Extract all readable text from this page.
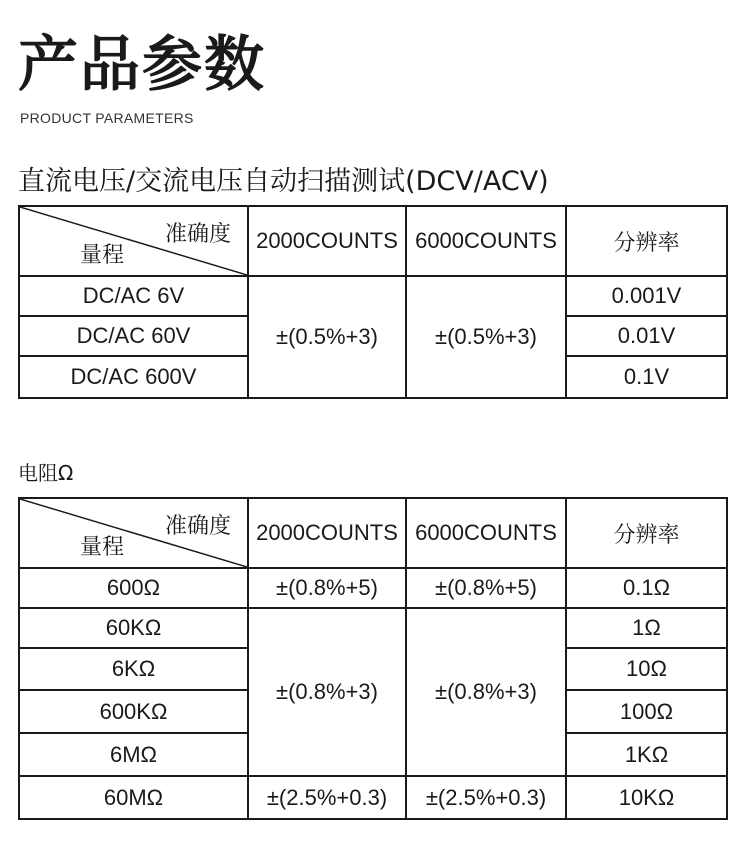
产品参数
PRODUCT PARAMETERS
直流电压/交流电压自动扫描测试(DCV/ACV)
准确度
量程	2000COUNTS	6000COUNTS	分辨率
DC/AC 6V	±(0.5%+3)	±(0.5%+3)	0.001V
DC/AC 60V			0.01V
DC/AC 600V			0.1V
电阻Ω
准确度
量程	2000COUNTS	6000COUNTS	分辨率
600Ω	±(0.8%+5)	±(0.8%+5)	0.1Ω
60KΩ	±(0.8%+3)	±(0.8%+3)	1Ω
6KΩ			10Ω
600KΩ			100Ω
6MΩ			1KΩ
60MΩ	±(2.5%+0.3)	±(2.5%+0.3)	10KΩ
